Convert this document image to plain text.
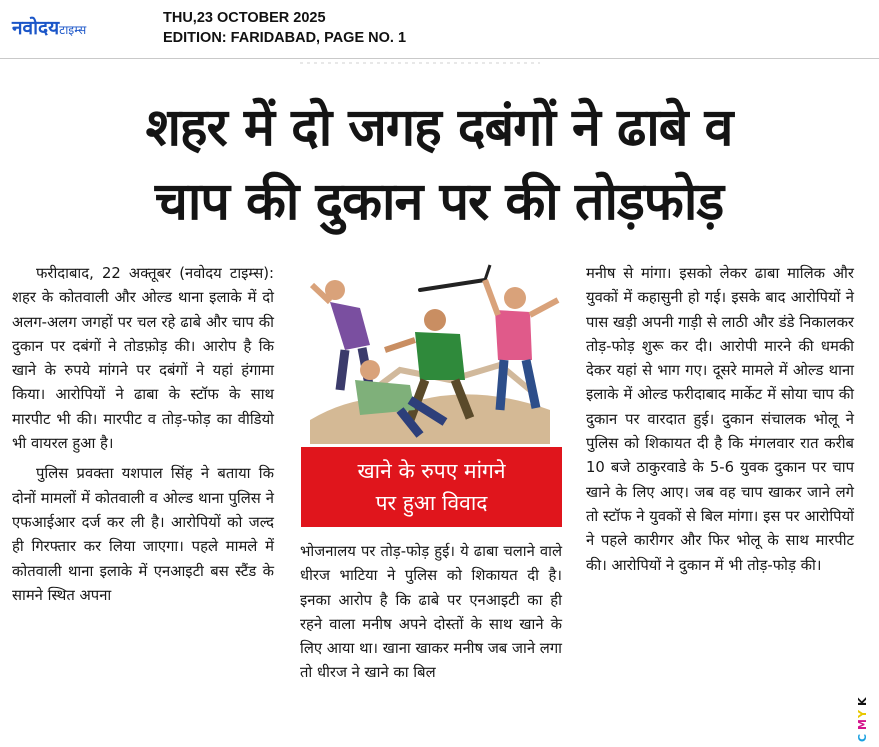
नवोदयटाइम्स
THU,23 OCTOBER 2025
EDITION: FARIDABAD, PAGE NO. 1
शहर में दो जगह दबंगों ने ढाबे व
चाप की दुकान पर की तोड़फोड़

फरीदाबाद, 22 अक्तूबर (नवोदय टाइम्स): शहर के कोतवाली और ओल्ड थाना इलाके में दो अलग-अलग जगहों पर चल रहे ढाबे और चाप की दुकान पर दबंगों ने तोडफ़ोड़ की। आरोप है कि खाने के रुपये मांगने पर दबंगों ने यहां हंगामा किया। आरोपियों ने ढाबा के स्टॉफ के साथ मारपीट भी की। मारपीट व तोड़-फोड़ का वीडियो भी वायरल हुआ है।

पुलिस प्रवक्ता यशपाल सिंह ने बताया कि दोनों मामलों में कोतवाली व ओल्ड थाना पुलिस ने एफआईआर दर्ज कर ली है। आरोपियों को जल्द ही गिरफ्तार कर लिया जाएगा। पहले मामले में कोतवाली थाना इलाके में एनआइटी बस स्टैंड के सामने स्थित अपना

खाने के रुपए मांगने
पर हुआ विवाद

भोजनालय पर तोड़-फोड़ हुई। ये ढाबा चलाने वाले धीरज भाटिया ने पुलिस को शिकायत दी है। इनका आरोप है कि ढाबे पर एनआइटी का ही रहने वाला मनीष अपने दोस्तों के साथ खाने के लिए आया था। खाना खाकर मनीष जब जाने लगा तो धीरज ने खाने का बिल

मनीष से मांगा। इसको लेकर ढाबा मालिक और युवकों में कहासुनी हो गई। इसके बाद आरोपियों ने पास खड़ी अपनी गाड़ी से लाठी और डंडे निकालकर तोड़-फोड़ शुरू कर दी। आरोपी मारने की धमकी देकर यहां से भाग गए। दूसरे मामले में ओल्ड थाना इलाके में ओल्ड फरीदाबाद मार्केट में सोया चाप की दुकान पर वारदात हुई। दुकान संचालक भोलू ने पुलिस को शिकायत दी है कि मंगलवार रात करीब 10 बजे ठाकुरवाडे के 5-6 युवक दुकान पर चाप खाने के लिए आए। जब वह चाप खाकर जाने लगे तो स्टॉफ ने युवकों से बिल मांगा। इस पर आरोपियों ने पहले कारीगर और फिर भोलू के साथ मारपीट की। आरोपियों ने दुकान में भी तोड़-फोड़ की।

C
M
Y
K
